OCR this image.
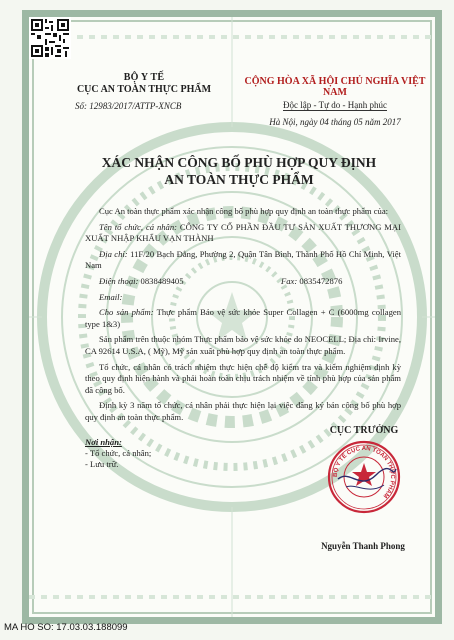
BỘ Y TẾ
CỤC AN TOÀN THỰC PHẨM
Số: 12983/2017/ATTP-XNCB
CỘNG HÒA XÃ HỘI CHỦ NGHĨA VIỆT NAM
Độc lập - Tự do - Hạnh phúc
Hà Nội, ngày 04 tháng 05 năm 2017
XÁC NHẬN CÔNG BỐ PHÙ HỢP QUY ĐỊNH
AN TOÀN THỰC PHẨM

Cục An toàn thực phẩm xác nhận công bố phù hợp quy định an toàn thực phẩm của:

Tên tổ chức, cá nhân: CÔNG TY CỔ PHẦN ĐẦU TƯ SẢN XUẤT THƯƠNG MẠI XUẤT NHẬP KHẨU VẠN THÀNH

Địa chỉ: 11F/20 Bạch Đằng, Phường 2, Quận Tân Bình, Thành Phố Hồ Chí Minh, Việt Nam

Điện thoại: 0838489405	Fax: 0835472876

Email:

Cho sản phẩm: Thực phẩm Bảo vệ sức khỏe Super Collagen + C (6000mg collagen type 1&3)

Sản phẩm trên thuộc nhóm Thực phẩm bảo vệ sức khỏe do NEOCELL; Địa chỉ: Irvine, CA 92614 U.S.A, ( Mỹ), Mỹ sản xuất phù hợp quy định an toàn thực phẩm.

Tổ chức, cá nhân có trách nhiệm thực hiện chế độ kiểm tra và kiểm nghiệm định kỳ theo quy định hiện hành và phải hoàn toàn chịu trách nhiệm về tính phù hợp của sản phẩm đã công bố.

Định kỳ 3 năm tổ chức, cá nhân phải thực hiện lại việc đăng ký bản công bố phù hợp quy định an toàn thực phẩm.

Nơi nhận:
- Tổ chức, cá nhân;
- Lưu trữ.
CỤC TRƯỞNG
BỘ Y TẾ CỤC AN TOÀN THỰC PHẨM
Nguyễn Thanh Phong
MA HO SO: 17.03.03.188099
